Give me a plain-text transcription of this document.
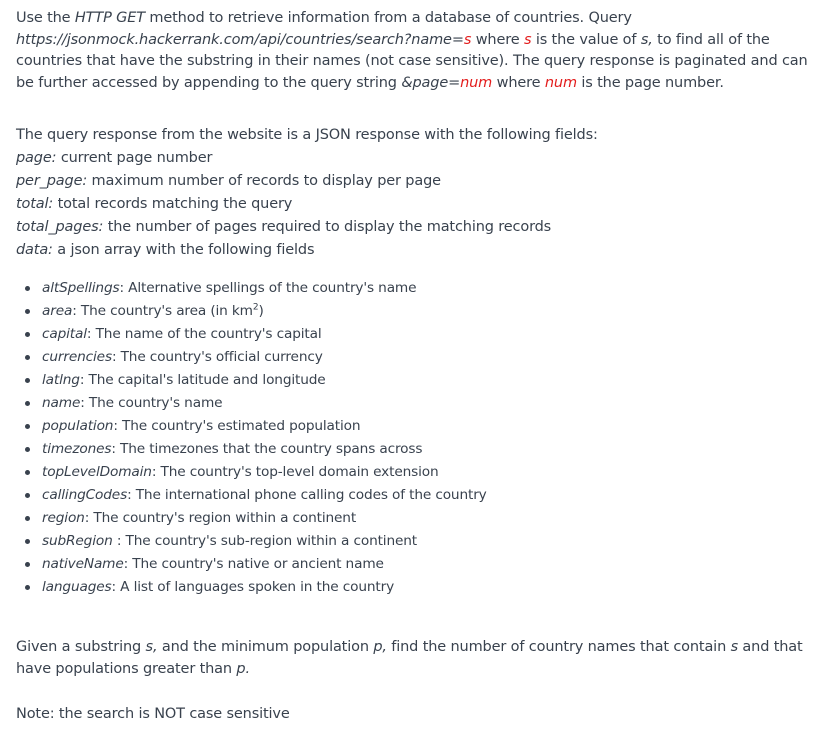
Use the HTTP GET method to retrieve information from a database of countries. Query
https://jsonmock.hackerrank.com/api/countries/search?name=s where s is the value of s, to find all of the countries that have the substring in their names (not case sensitive). The query response is paginated and can be further accessed by appending to the query string &page=num where num is the page number.

The query response from the website is a JSON response with the following fields:
page: current page number
per_page: maximum number of records to display per page
total: total records matching the query
total_pages: the number of pages required to display the matching records
data: a json array with the following fields
altSpellings: Alternative spellings of the country's name
area: The country's area (in $km^2$)
capital: The name of the country's capital
currencies: The country's official currency
latlng: The capital's latitude and longitude
name: The country's name
population: The country's estimated population
timezones: The timezones that the country spans across
topLevelDomain: The country's top-level domain extension
callingCodes: The international phone calling codes of the country
region: The country's region within a continent
subRegion : The country's sub-region within a continent
nativeName: The country's native or ancient name
languages: A list of languages spoken in the country

Given a substring s, and the minimum population p, find the number of country names that contain s and that have populations greater than p.

Note: the search is NOT case sensitive
